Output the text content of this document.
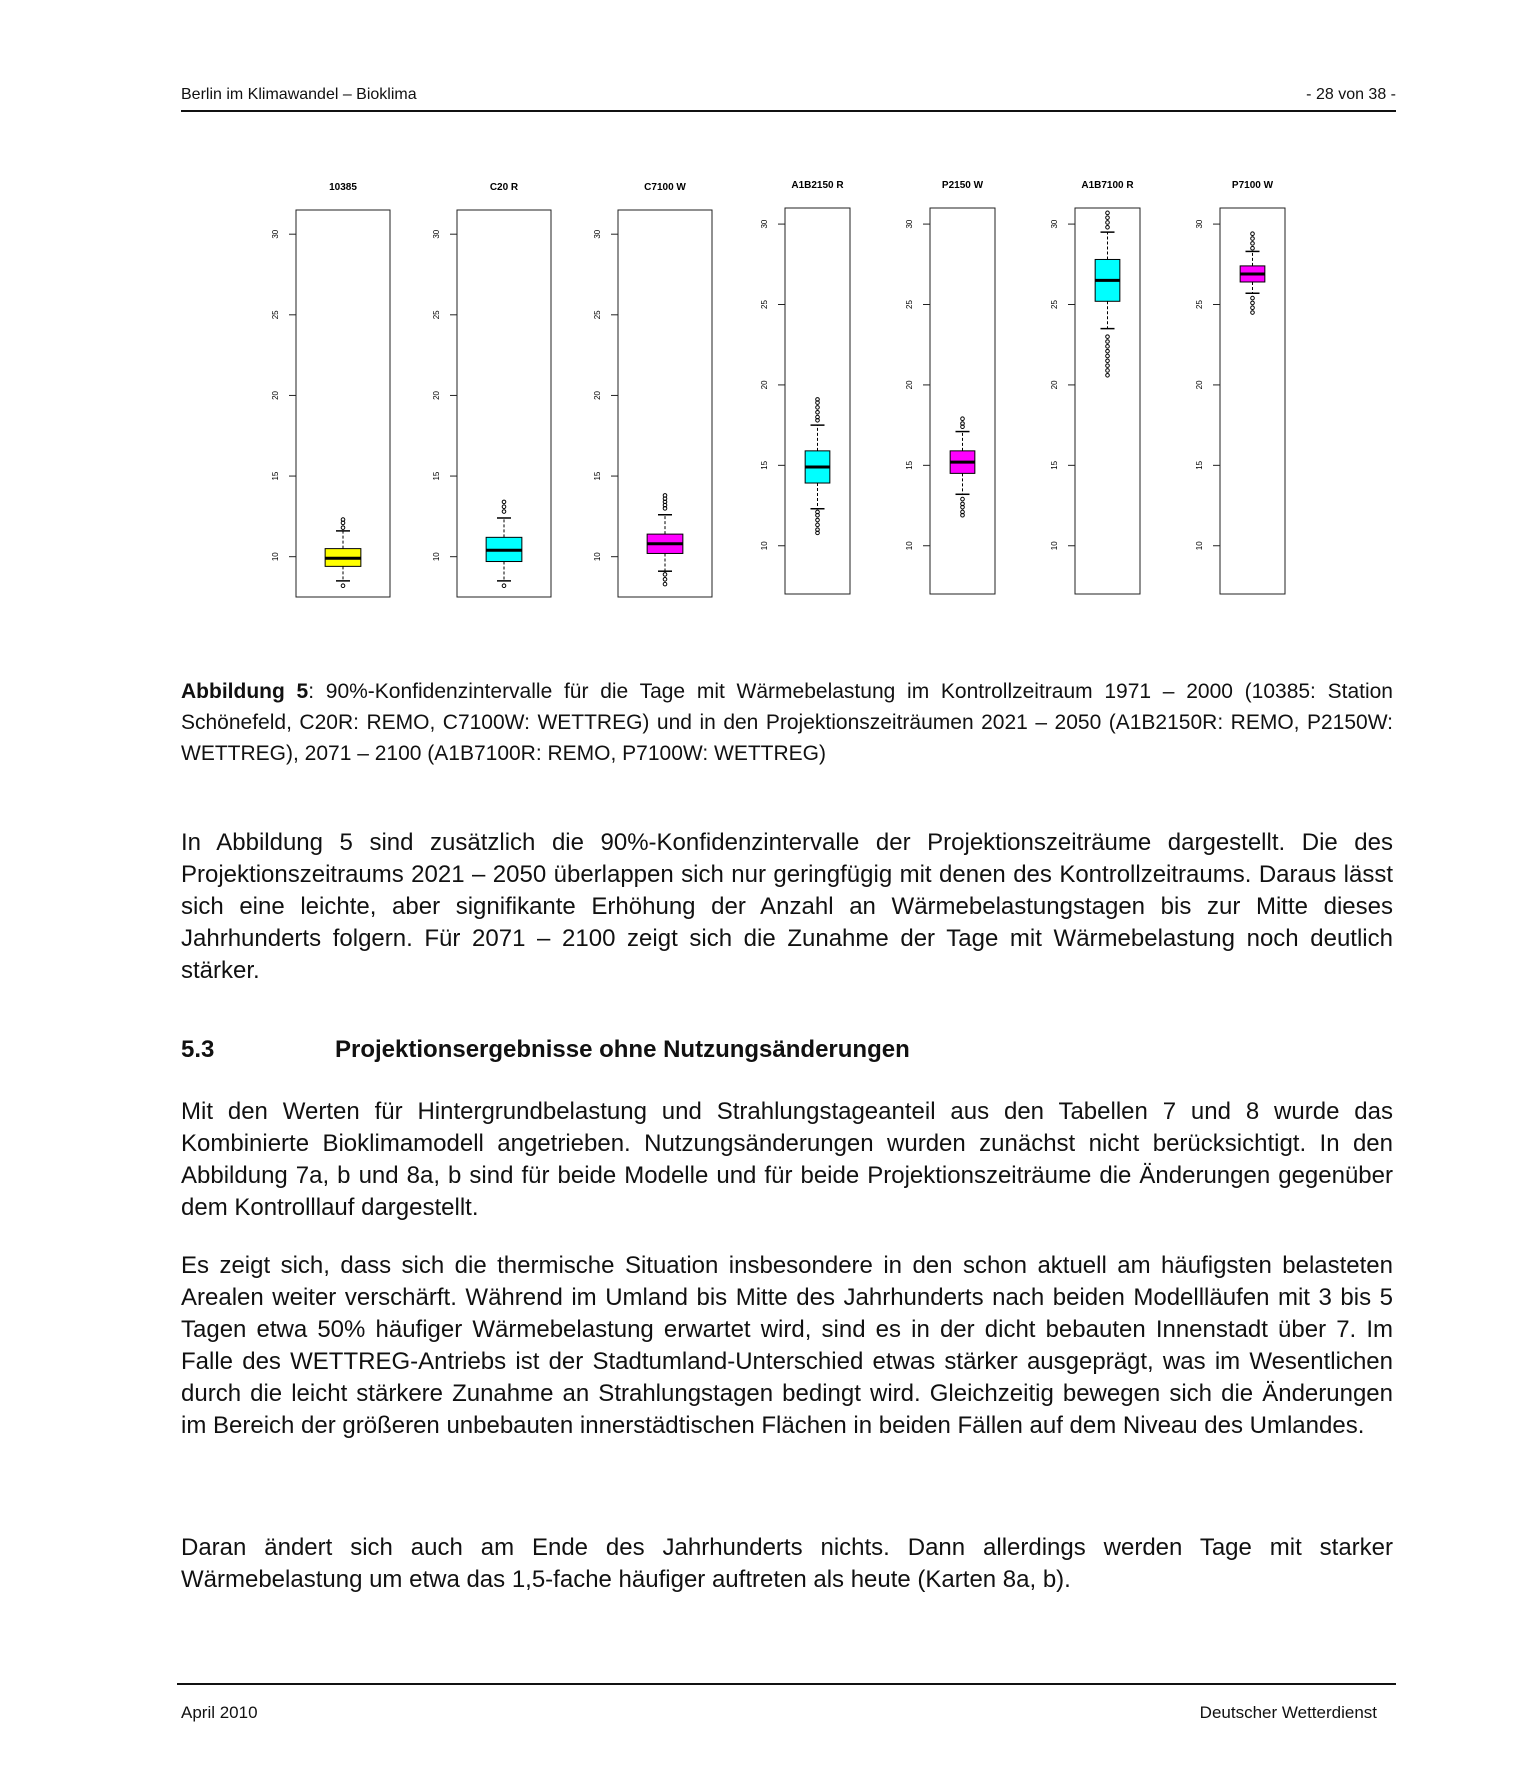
Berlin im Klimawandel – Bioklima	- 28 von 38 -
10385
10
15
20
25
30
C20 R
10
15
20
25
30
C7100 W
10
15
20
25
30
A1B2150 R
10
15
20
25
30
P2150 W
10
15
20
25
30
A1B7100 R
10
15
20
25
30
P7100 W
10
15
20
25
30
Abbildung 5: 90%-Konfidenzintervalle für die Tage mit Wärmebelastung im Kontrollzeitraum 1971 – 2000 (10385: Station Schönefeld, C20R: REMO, C7100W: WETTREG) und in den Projektionszeiträumen 2021 – 2050 (A1B2150R: REMO, P2150W: WETTREG), 2071 – 2100 (A1B7100R: REMO, P7100W: WETTREG)
In Abbildung 5 sind zusätzlich die 90%-Konfidenzintervalle der Projektionszeiträume dargestellt. Die des Projektionszeitraums 2021 – 2050 überlappen sich nur geringfügig mit denen des Kontrollzeitraums. Daraus lässt sich eine leichte, aber signifikante Erhöhung der Anzahl an Wärmebelastungstagen bis zur Mitte dieses Jahrhunderts folgern. Für 2071 – 2100 zeigt sich die Zunahme der Tage mit Wärmebelastung noch deutlich stärker.
5.3	Projektionsergebnisse ohne Nutzungsänderungen
Mit den Werten für Hintergrundbelastung und Strahlungstageanteil aus den Tabellen 7 und 8 wurde das Kombinierte Bioklimamodell angetrieben. Nutzungsänderungen wurden zunächst nicht berücksichtigt. In den Abbildung 7a, b und 8a, b sind für beide Modelle und für beide Projektionszeiträume die Änderungen gegenüber dem Kontrolllauf dargestellt.
Es zeigt sich, dass sich die thermische Situation insbesondere in den schon aktuell am häufigsten belasteten Arealen weiter verschärft. Während im Umland bis Mitte des Jahrhunderts nach beiden Modellläufen mit 3 bis 5 Tagen etwa 50% häufiger Wärmebelastung erwartet wird, sind es in der dicht bebauten Innenstadt über 7. Im Falle des WETTREG-Antriebs ist der Stadtumland-Unterschied etwas stärker ausgeprägt, was im Wesentlichen durch die leicht stärkere Zunahme an Strahlungstagen bedingt wird. Gleichzeitig bewegen sich die Änderungen im Bereich der größeren unbebauten innerstädtischen Flächen in beiden Fällen auf dem Niveau des Umlandes.
Daran ändert sich auch am Ende des Jahrhunderts nichts. Dann allerdings werden Tage mit starker Wärmebelastung um etwa das 1,5-fache häufiger auftreten als heute (Karten 8a, b).
April 2010	Deutscher Wetterdienst
